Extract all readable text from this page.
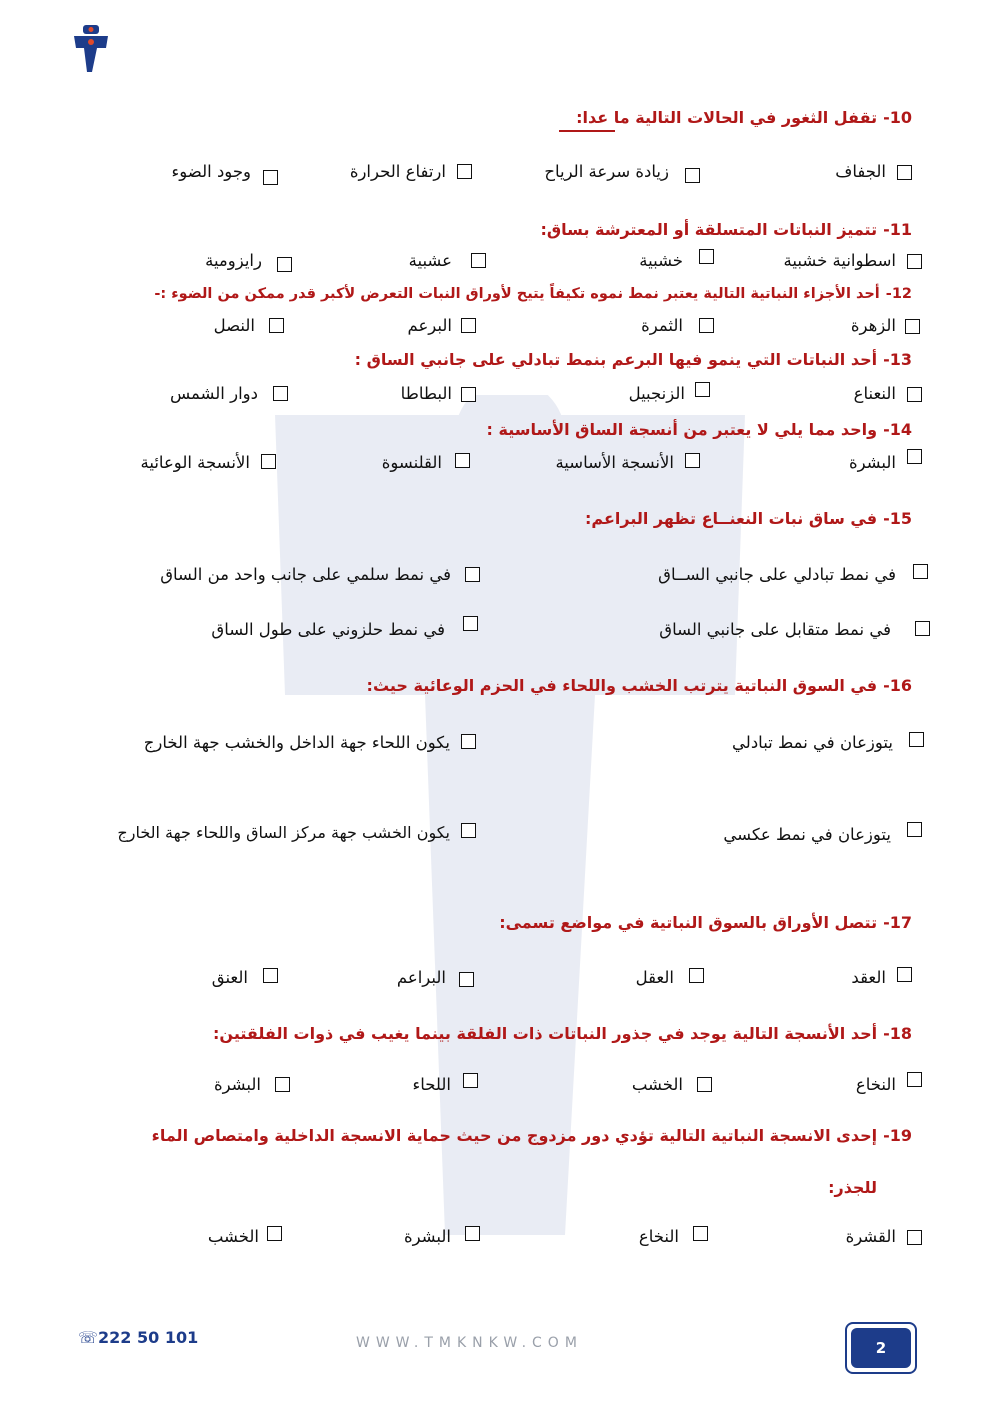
10-تقفل الثغور في الحالات التالية ما عدا:
الجفاف
زيادة سرعة الرياح
ارتفاع الحرارة
وجود الضوء
11-تتميز النباتات المتسلقة أو المعترشة بساق:
اسطوانية خشبية
خشبية
عشبية
رايزومية
12-أحد الأجزاء النباتية التالية يعتبر نمط نموه تكيفاً يتيح لأوراق النبات التعرض لأكبر قدر ممكن من الضوء :-
الزهرة
الثمرة
البرعم
النصل
13-أحد النباتات التي ينمو فيها البرعم بنمط تبادلي على جانبي الساق :
النعناع
الزنجبيل
البطاطا
دوار الشمس
14-واحد مما يلي لا يعتبر من أنسجة الساق الأساسية :
البشرة
الأنسجة الأساسية
القلنسوة
الأنسجة الوعائية
15-في ساق نبات النعنــاع تظهر البراعم:
في نمط تبادلي على جانبي الســاق
في نمط سلمي على جانب واحد من الساق
في نمط متقابل على جانبي الساق
في نمط حلزوني على طول الساق
16-في السوق النباتية يترتب الخشب واللحاء في الحزم الوعائية حيث:
يتوزعان في نمط تبادلي
يكون اللحاء جهة الداخل والخشب جهة الخارج
يتوزعان في نمط عكسي
يكون الخشب جهة مركز الساق واللحاء جهة الخارج
17-تتصل الأوراق بالسوق النباتية في مواضع تسمى:
العقد
العقل
البراعم
العنق
18-أحد الأنسجة التالية يوجد في جذور النباتات ذات الفلقة بينما يغيب في ذوات الفلقتين:
النخاع
الخشب
اللحاء
البشرة
19-إحدى الانسجة النباتية التالية تؤدي دور مزدوج من حيث حماية الانسجة الداخلية وامتصاص الماء
للجذر:
القشرة
النخاع
البشرة
الخشب
☏222 50 101	WWW.TMKNKW.COM	2
